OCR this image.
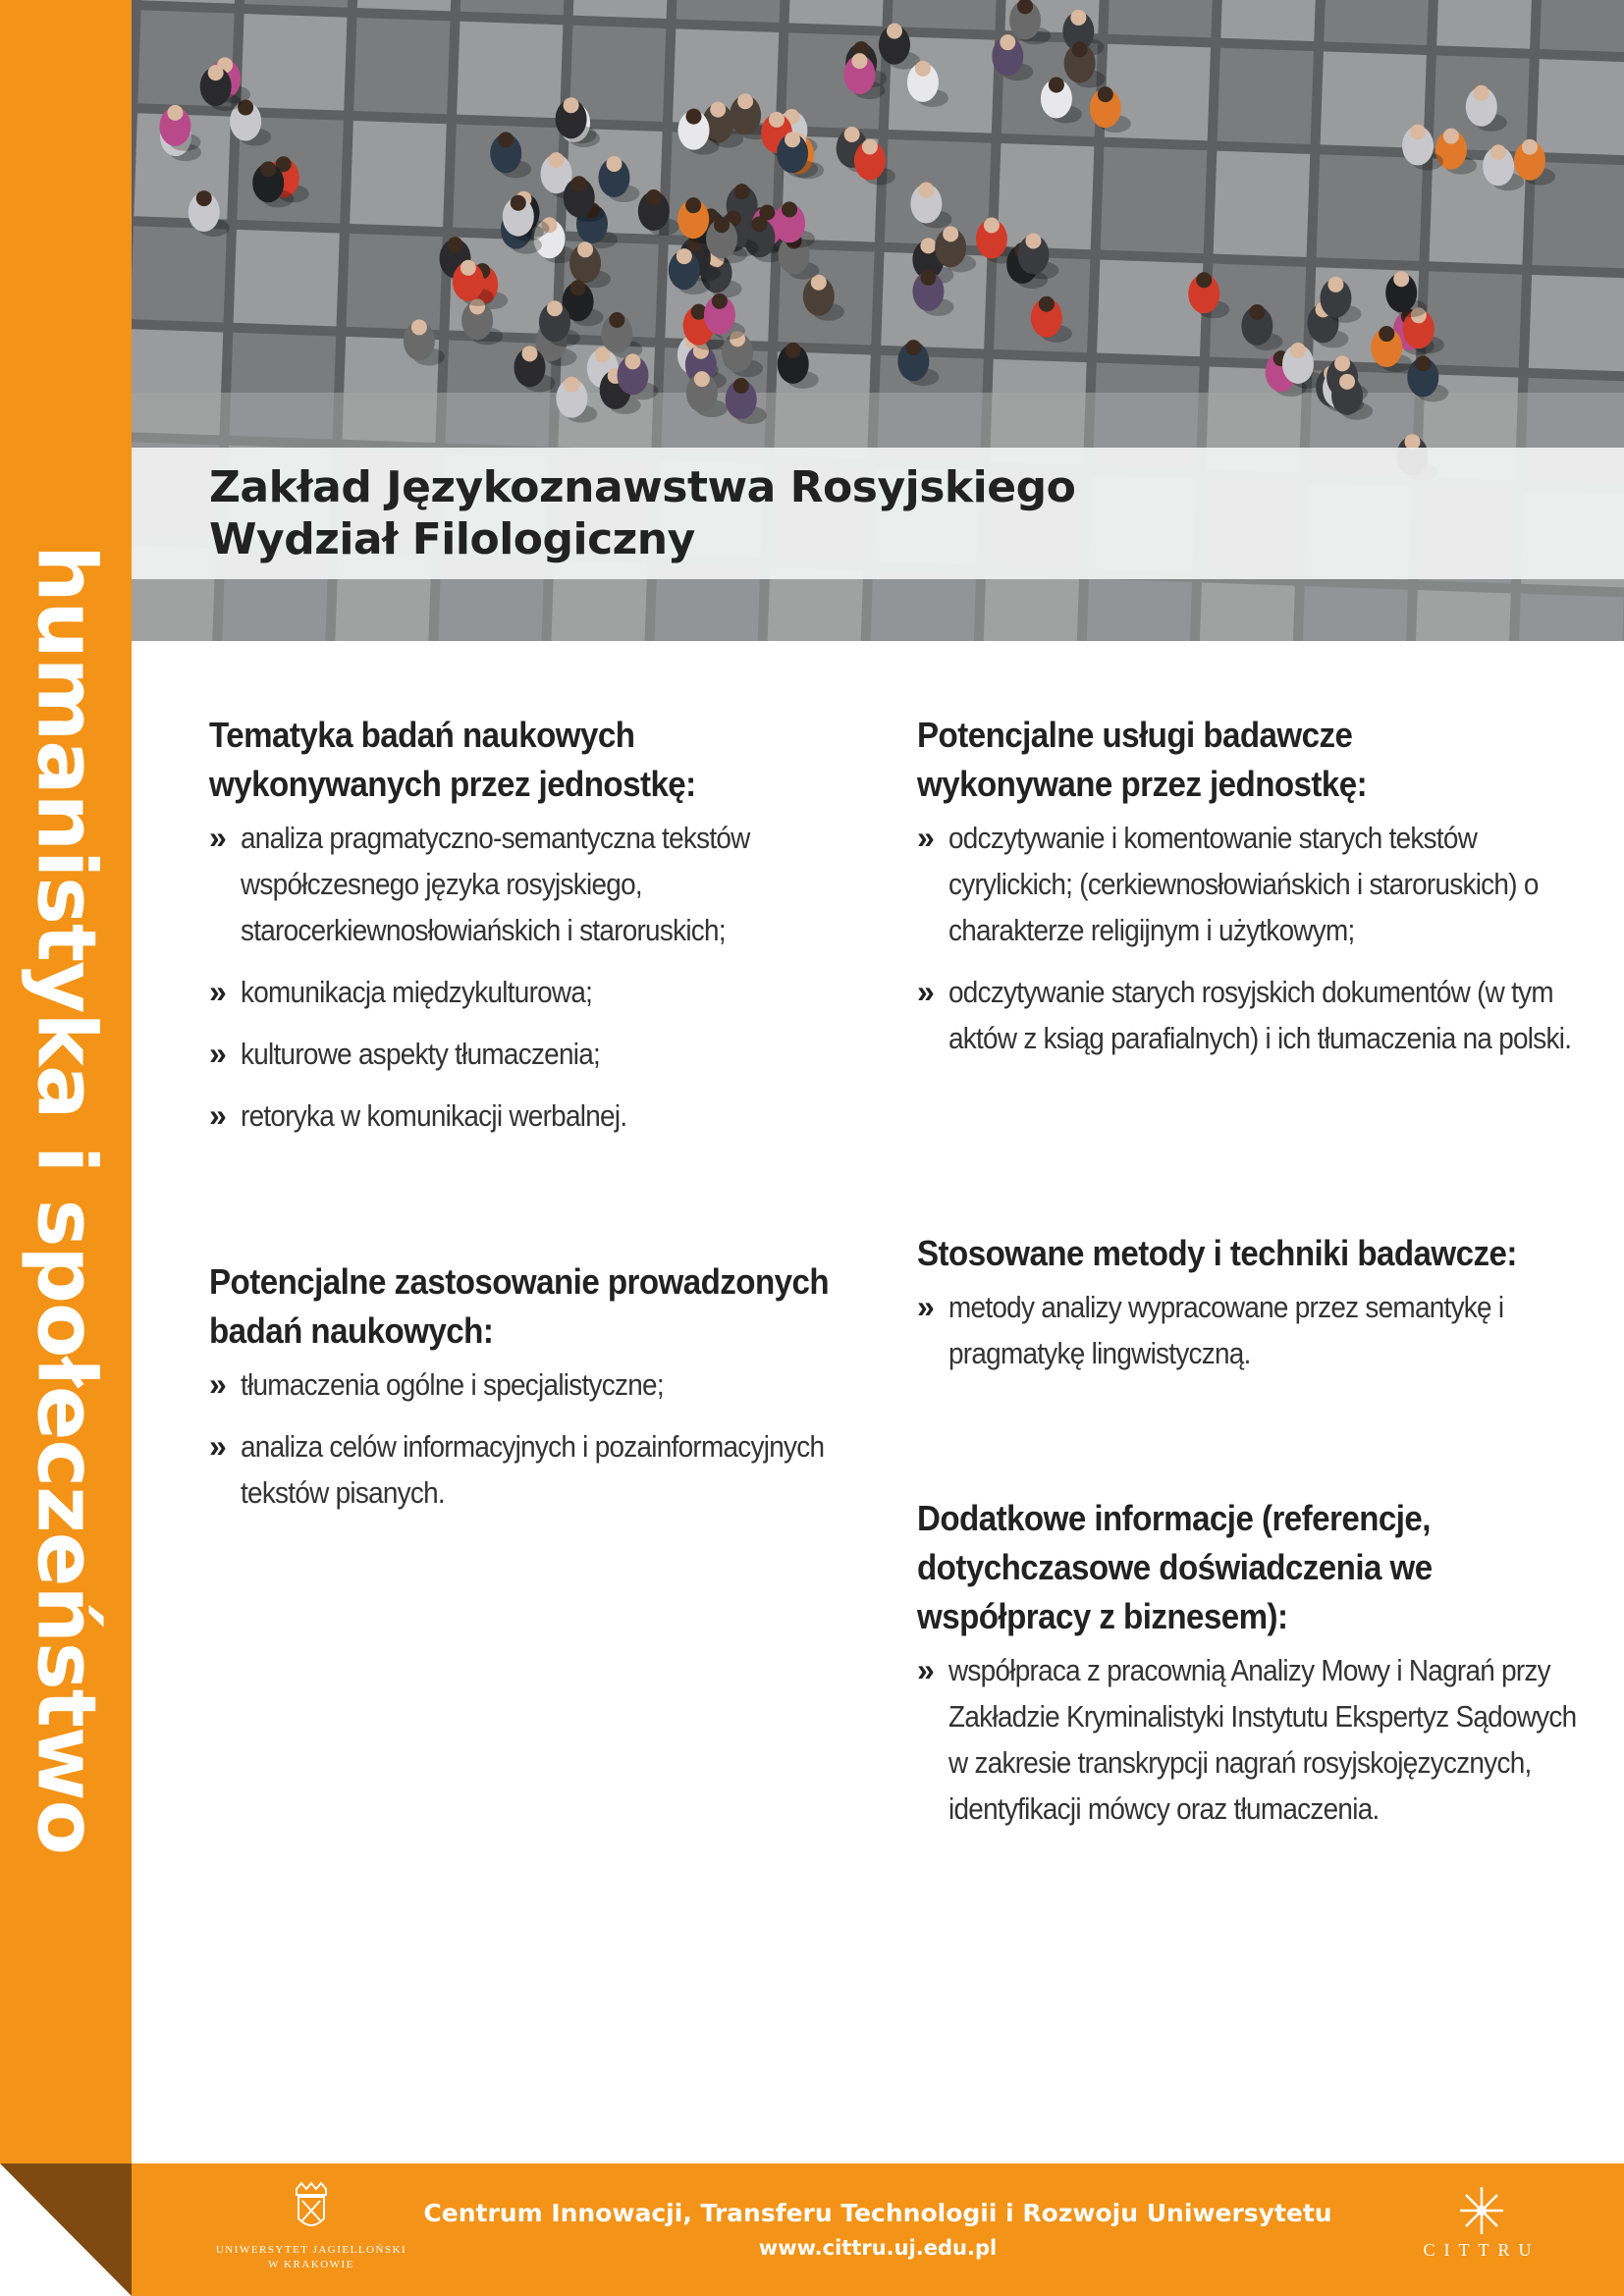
humanistyka i społeczeństwo
Zakład Językoznawstwa Rosyjskiego
Wydział Filologiczny
Tematyka badań naukowych wykonywanych przez jednostkę:
» analiza pragmatyczno-semantyczna tekstów współczesnego języka rosyjskiego, starocerkiewnosłowiańskich i staroruskich;
» komunikacja międzykulturowa;
» kulturowe aspekty tłumaczenia;
» retoryka w komunikacji werbalnej.
Potencjalne zastosowanie prowadzonych badań naukowych:
» tłumaczenia ogólne i specjalistyczne;
» analiza celów informacyjnych i pozainformacyjnych tekstów pisanych.
Potencjalne usługi badawcze wykonywane przez jednostkę:
» odczytywanie i komentowanie starych tekstów cyrylickich; (cerkiewnosłowiańskich i staroruskich) o charakterze religijnym i użytkowym;
» odczytywanie starych rosyjskich dokumentów (w tym aktów z ksiąg parafialnych) i ich tłumaczenia na polski.
Stosowane metody i techniki badawcze:
» metody analizy wypracowane przez semantykę i pragmatykę lingwistyczną.
Dodatkowe informacje (referencje, dotychczasowe doświadczenia we współpracy z biznesem):
» współpraca z pracownią Analizy Mowy i Nagrań przy Zakładzie Kryminalistyki Instytutu Ekspertyz Sądowych w zakresie transkrypcji nagrań rosyjskojęzycznych, identyfikacji mówcy oraz tłumaczenia.
UNIWERSYTET JAGIELLOŃSKI
W KRAKOWIE
Centrum Innowacji, Transferu Technologii i Rozwoju Uniwersytetu
www.cittru.uj.edu.pl	CITTRU
